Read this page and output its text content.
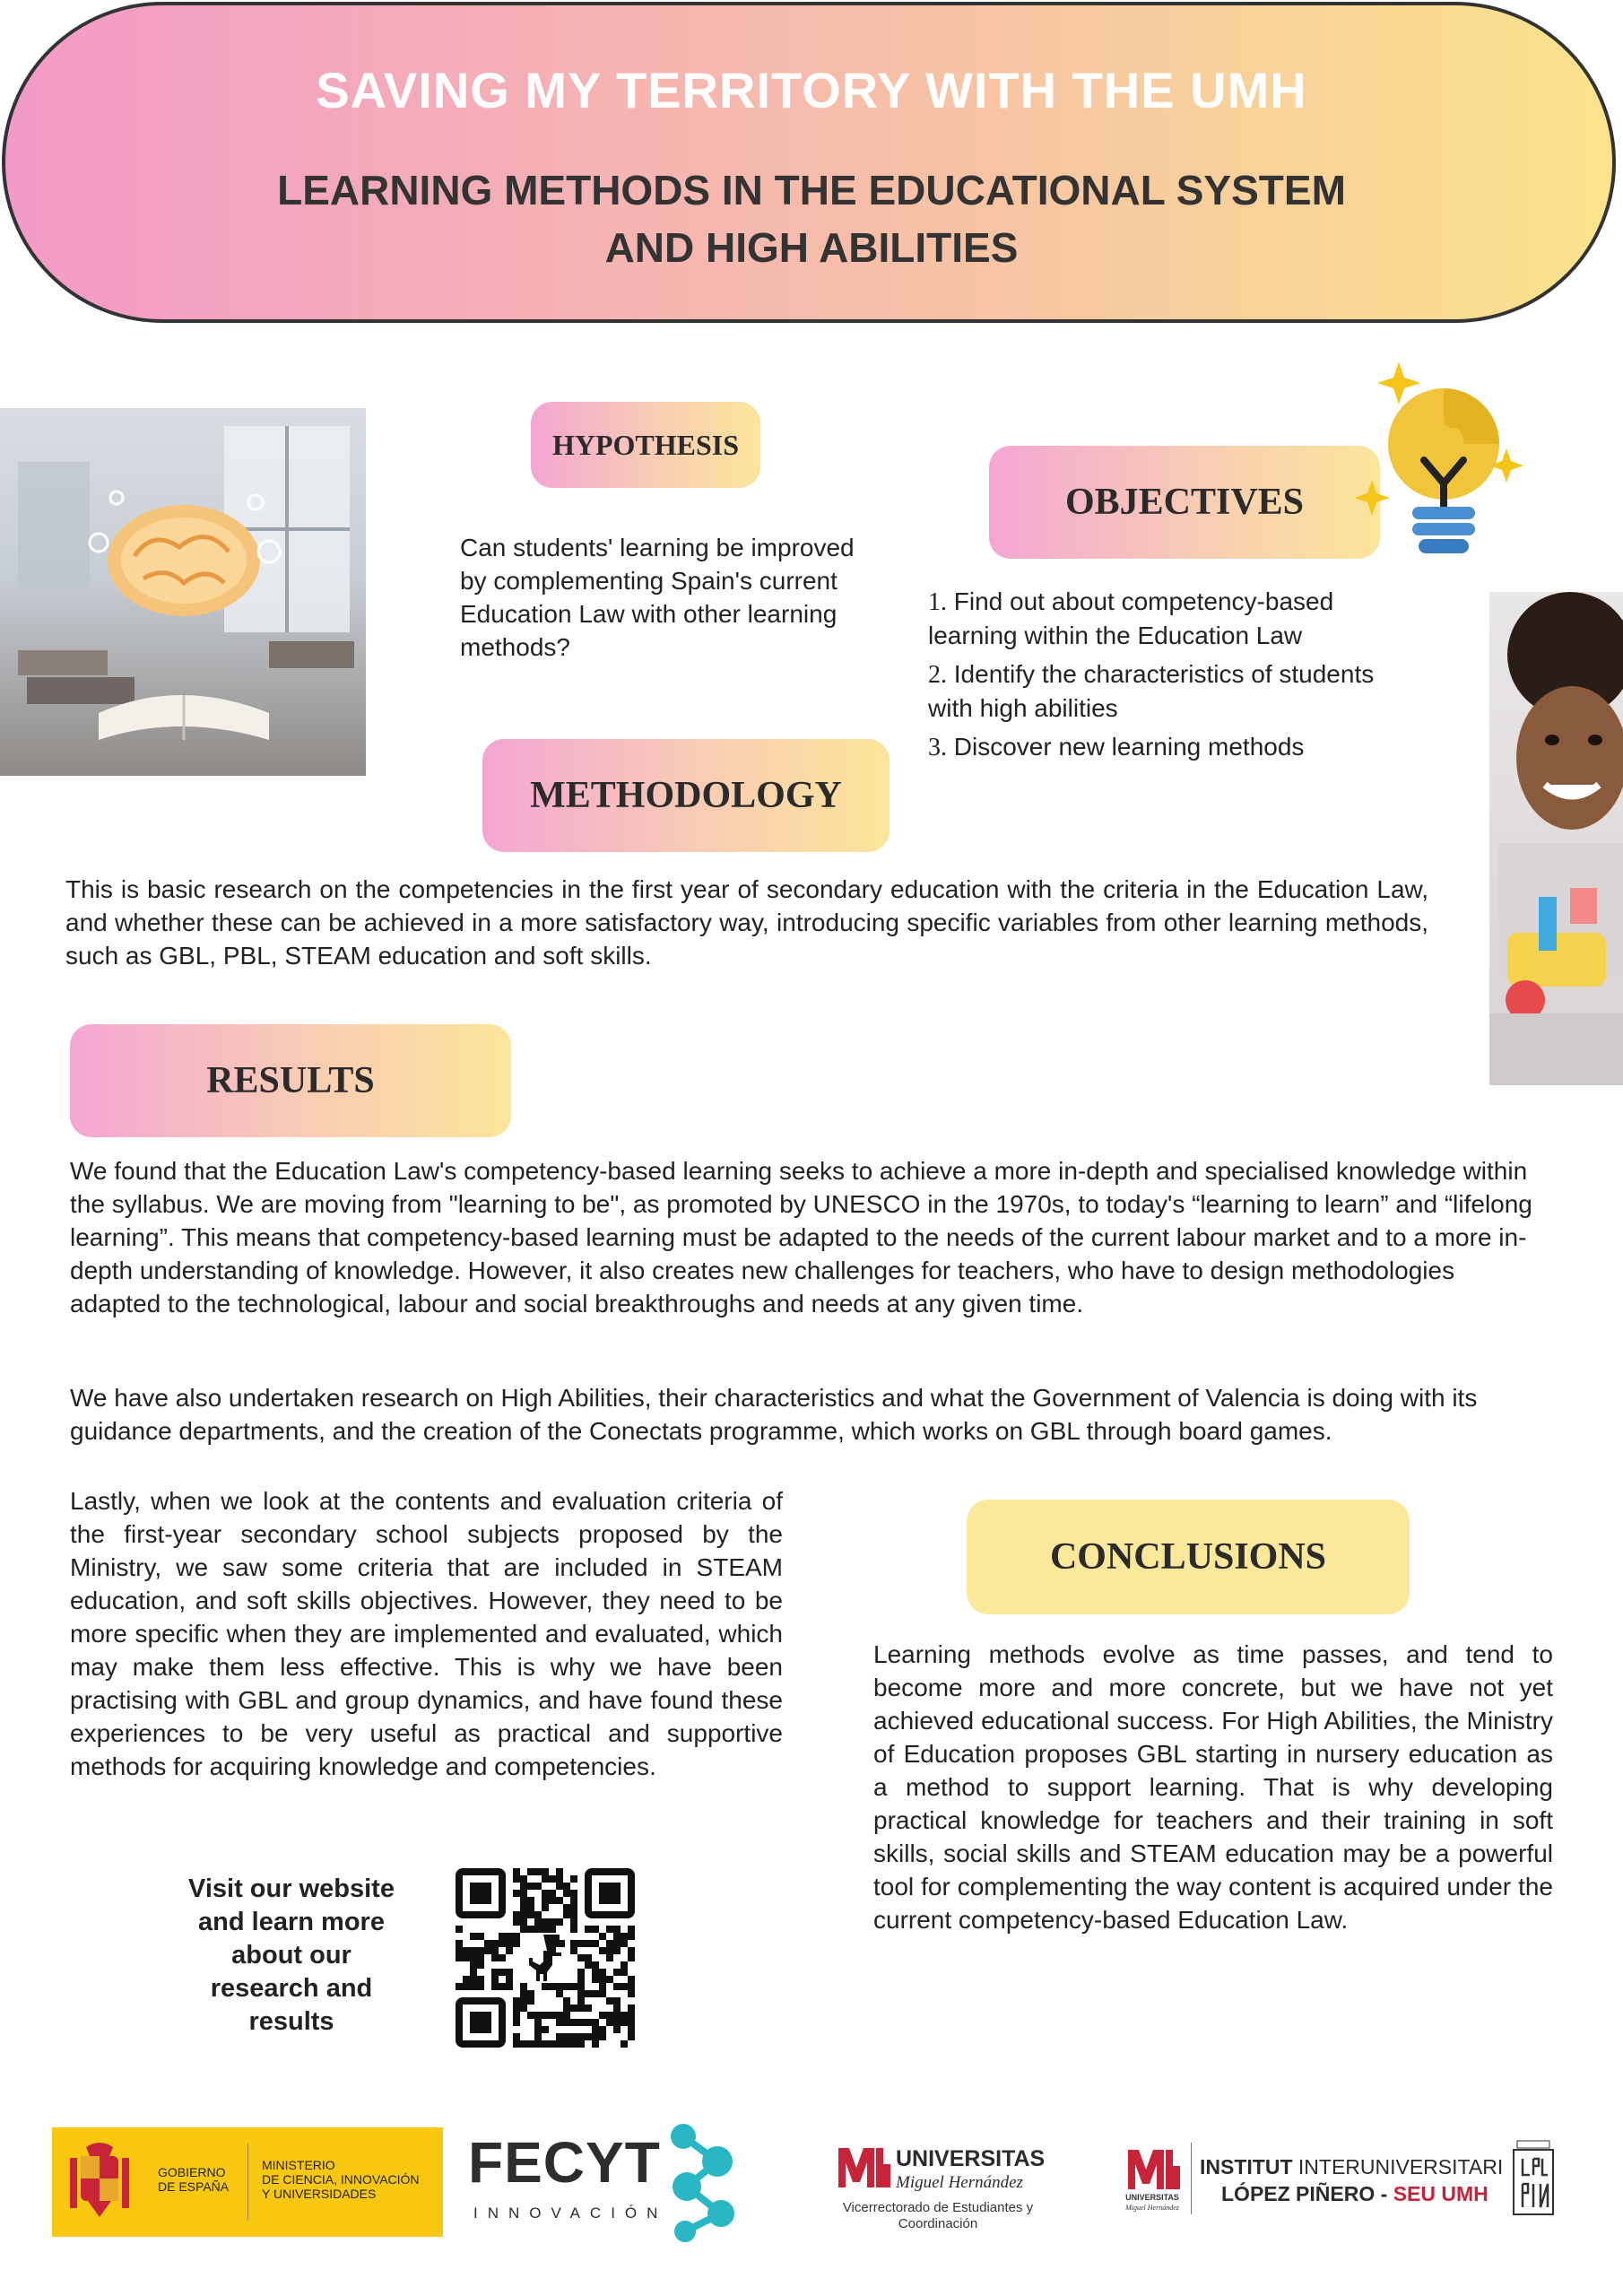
SAVING MY TERRITORY WITH THE UMH
LEARNING METHODS IN THE EDUCATIONAL SYSTEM
AND HIGH ABILITIES
HYPOTHESIS
Can students' learning be improved by complementing Spain's current Education Law with other learning methods?
OBJECTIVES
1. Find out about competency-based learning within the Education Law
2. Identify the characteristics of students with high abilities
3. Discover new learning methods
METHODOLOGY
This is basic research on the competencies in the first year of secondary education with the criteria in the Education Law, and whether these can be achieved in a more satisfactory way, introducing specific variables from other learning methods, such as GBL, PBL, STEAM education and soft skills.
RESULTS
We found that the Education Law's competency-based learning seeks to achieve a more in-depth and specialised knowledge within the syllabus. We are moving from "learning to be", as promoted by UNESCO in the 1970s, to today's “learning to learn” and “lifelong learning”. This means that competency-based learning must be adapted to the needs of the current labour market and to a more in-depth understanding of knowledge. However, it also creates new challenges for teachers, who have to design methodologies adapted to the technological, labour and social breakthroughs and needs at any given time.
We have also undertaken research on High Abilities, their characteristics and what the Government of Valencia is doing with its guidance departments, and the creation of the Conectats programme, which works on GBL through board games.
Lastly, when we look at the contents and evaluation criteria of the first-year secondary school subjects proposed by the Ministry, we saw some criteria that are included in STEAM education, and soft skills objectives. However, they need to be more specific when they are implemented and evaluated, which may make them less effective. This is why we have been practising with GBL and group dynamics, and have found these experiences to be very useful as practical and supportive methods for acquiring knowledge and competencies.
CONCLUSIONS
Learning methods evolve as time passes, and tend to become more and more concrete, but we have not yet achieved educational success. For High Abilities, the Ministry of Education proposes GBL starting in nursery education as a method to support learning. That is why developing practical knowledge for teachers and their training in soft skills, social skills and STEAM education may be a powerful tool for complementing the way content is acquired under the current competency-based Education Law.
Visit our website
and learn more
about our
research and
results
GOBIERNO
DE ESPAÑA
MINISTERIO
DE CIENCIA, INNOVACIÓN
Y UNIVERSIDADES	FECYT
INNOVACIÓN
UNIVERSITAS
Miguel Hernández
Vicerrectorado de Estudiantes y
Coordinación
UNIVERSITAS
Miguel Hernández
INSTITUT INTERUNIVERSITARI
LÓPEZ PIÑERO - SEU UMH
